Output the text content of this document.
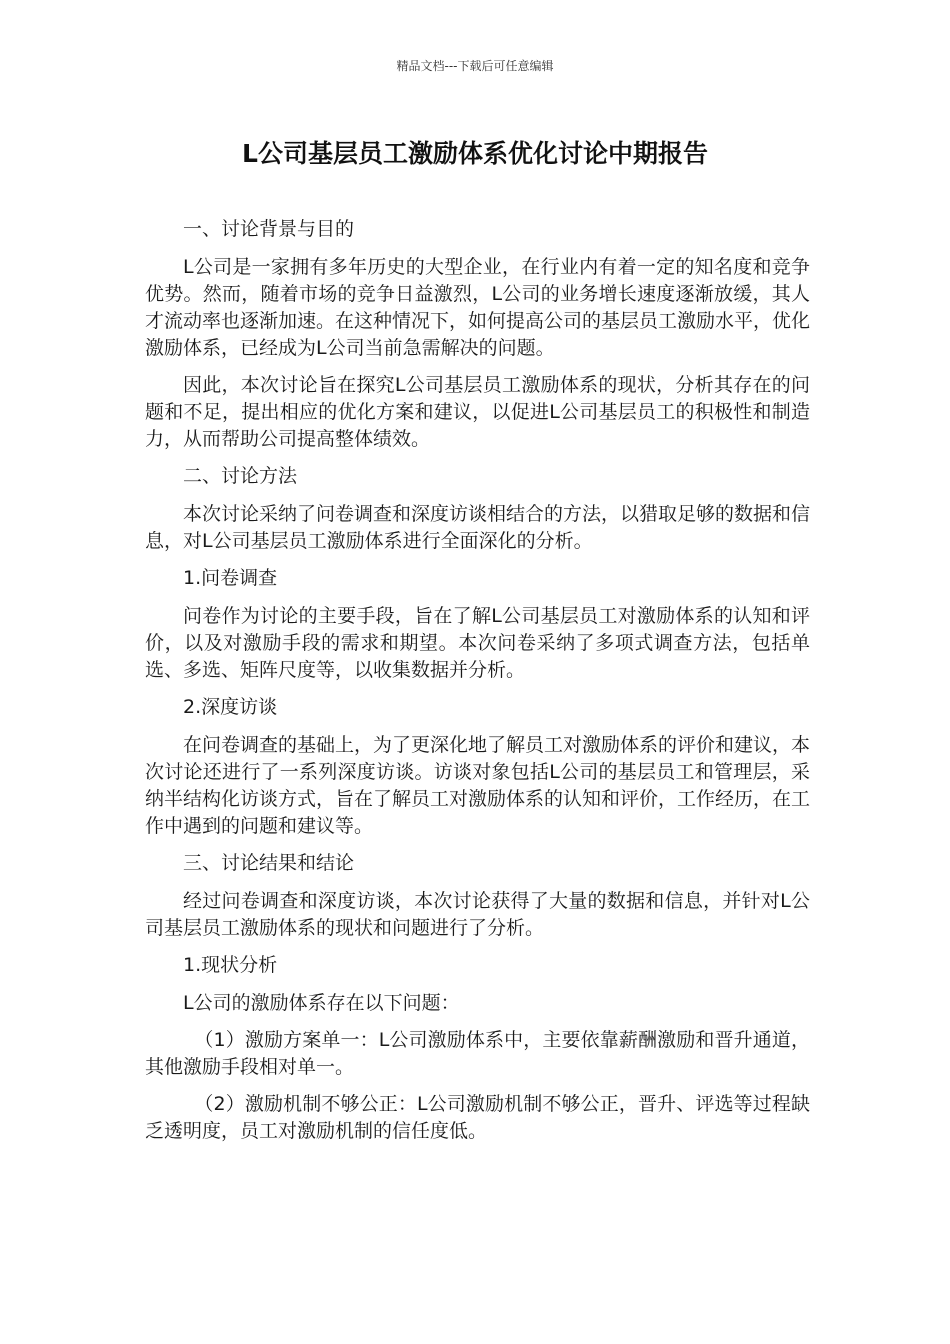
精品文档---下载后可任意编辑
L公司基层员工激励体系优化讨论中期报告

一、讨论背景与目的

L公司是一家拥有多年历史的大型企业，在行业内有着一定的知名度和竞争优势。然而，随着市场的竞争日益激烈，L公司的业务增长速度逐渐放缓，其人才流动率也逐渐加速。在这种情况下，如何提高公司的基层员工激励水平，优化激励体系，已经成为L公司当前急需解决的问题。

因此，本次讨论旨在探究L公司基层员工激励体系的现状，分析其存在的问题和不足，提出相应的优化方案和建议，以促进L公司基层员工的积极性和制造力，从而帮助公司提高整体绩效。

二、讨论方法

本次讨论采纳了问卷调查和深度访谈相结合的方法，以猎取足够的数据和信息，对L公司基层员工激励体系进行全面深化的分析。

1.问卷调查

问卷作为讨论的主要手段，旨在了解L公司基层员工对激励体系的认知和评价，以及对激励手段的需求和期望。本次问卷采纳了多项式调查方法，包括单选、多选、矩阵尺度等，以收集数据并分析。

2.深度访谈

在问卷调查的基础上，为了更深化地了解员工对激励体系的评价和建议，本次讨论还进行了一系列深度访谈。访谈对象包括L公司的基层员工和管理层，采纳半结构化访谈方式，旨在了解员工对激励体系的认知和评价，工作经历，在工作中遇到的问题和建议等。

三、讨论结果和结论

经过问卷调查和深度访谈，本次讨论获得了大量的数据和信息，并针对L公司基层员工激励体系的现状和问题进行了分析。

1.现状分析

L公司的激励体系存在以下问题：

（1）激励方案单一：L公司激励体系中，主要依靠薪酬激励和晋升通道，其他激励手段相对单一。

（2）激励机制不够公正：L公司激励机制不够公正，晋升、评选等过程缺乏透明度，员工对激励机制的信任度低。
